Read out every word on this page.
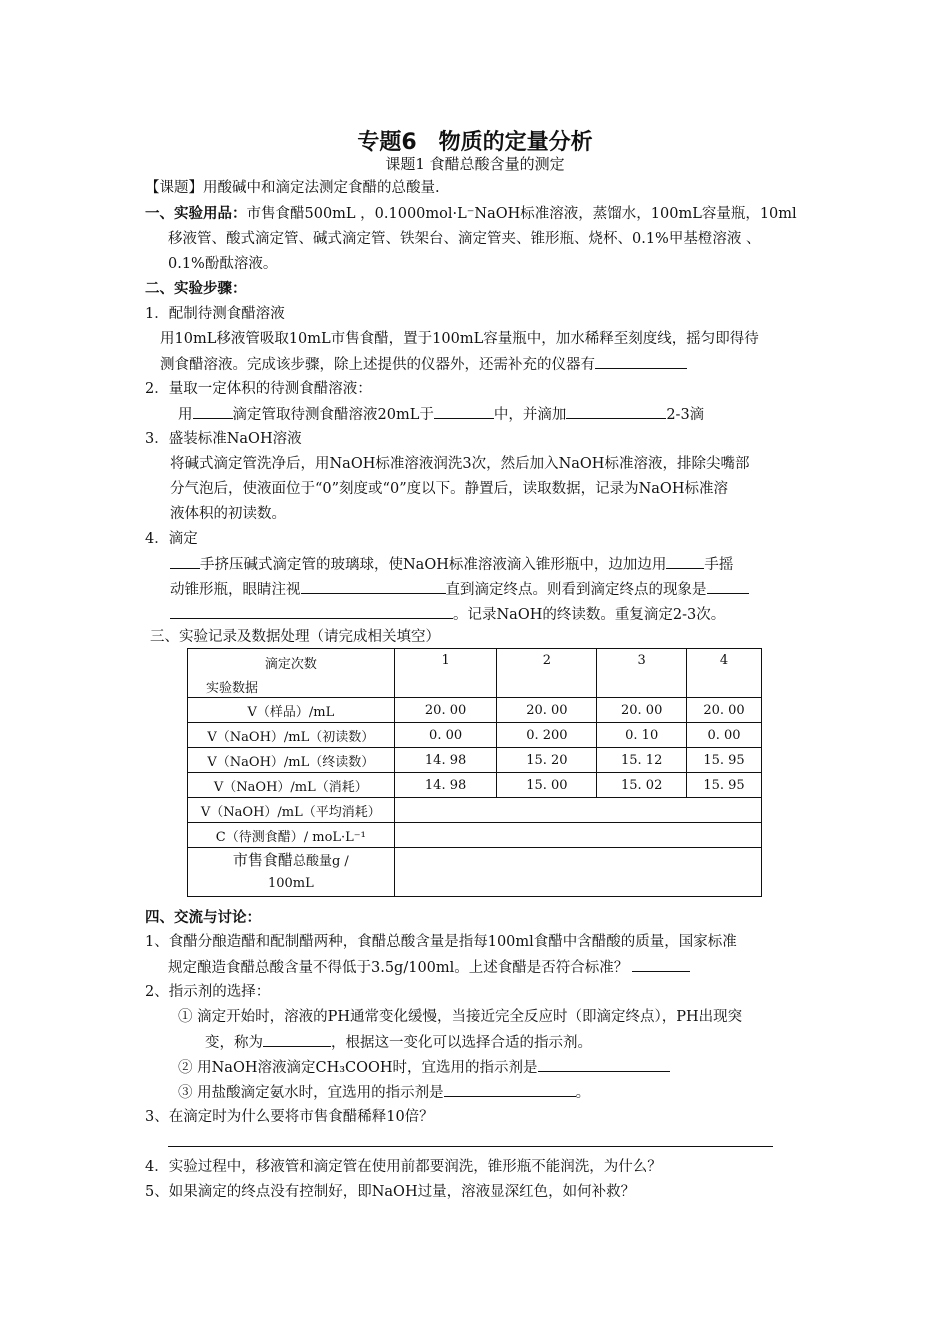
专题6　物质的定量分析
课题1 食醋总酸含量的测定
【课题】用酸碱中和滴定法测定食醋的总酸量.
一、实验用品：市售食醋500mL ，0.1000mol·L⁻NaOH标准溶液，蒸馏水，100mL容量瓶，10ml
移液管、酸式滴定管、碱式滴定管、铁架台、滴定管夹、锥形瓶、烧杯、0.1%甲基橙溶液 、
0.1%酚酞溶液。
二、实验步骤：
1．配制待测食醋溶液
用10mL移液管吸取10mL市售食醋，置于100mL容量瓶中，加水稀释至刻度线，摇匀即得待
测食醋溶液。完成该步骤，除上述提供的仪器外，还需补充的仪器有
2．量取一定体积的待测食醋溶液：
用	滴定管取待测食醋溶液20mL于	中，并滴加	2-3滴
3．盛装标准NaOH溶液
将碱式滴定管洗净后，用NaOH标准溶液润洗3次，然后加入NaOH标准溶液，排除尖嘴部
分气泡后，使液面位于“0”刻度或“0”度以下。静置后，读取数据，记录为NaOH标准溶
液体积的初读数。
4．滴定
手挤压碱式滴定管的玻璃球，使NaOH标准溶液滴入锥形瓶中，边加边用	手摇
动锥形瓶，眼睛注视	直到滴定终点。则看到滴定终点的现象是
。记录NaOH的终读数。重复滴定2-3次。
三、实验记录及数据处理（请完成相关填空）
滴定次数
实验数据	1	2	3	4
V（样品）/mL	20. 00	20. 00	20. 00	20. 00
V（NaOH）/mL（初读数）	0. 00	0. 200	0. 10	0. 00
V（NaOH）/mL（终读数）	14. 98	15. 20	15. 12	15. 95
V（NaOH）/mL（消耗）	14. 98	15. 00	15. 02	15. 95
V（NaOH）/mL（平均消耗）				
C（待测食醋）/ moL·L⁻¹				
市售食醋总酸量g /
100mL				
四、交流与讨论：
1、食醋分酿造醋和配制醋两种，食醋总酸含量是指每100ml食醋中含醋酸的质量，国家标准
规定酿造食醋总酸含量不得低于3.5g/100ml。上述食醋是否符合标准？
2、指示剂的选择：
① 滴定开始时，溶液的PH通常变化缓慢，当接近完全反应时（即滴定终点），PH出现突
变，称为	，根据这一变化可以选择合适的指示剂。
② 用NaOH溶液滴定CH₃COOH时，宜选用的指示剂是
③ 用盐酸滴定氨水时，宜选用的指示剂是	。
3、在滴定时为什么要将市售食醋稀释10倍？
4．实验过程中，移液管和滴定管在使用前都要润洗，锥形瓶不能润洗，为什么？
5、如果滴定的终点没有控制好，即NaOH过量，溶液显深红色，如何补救？
